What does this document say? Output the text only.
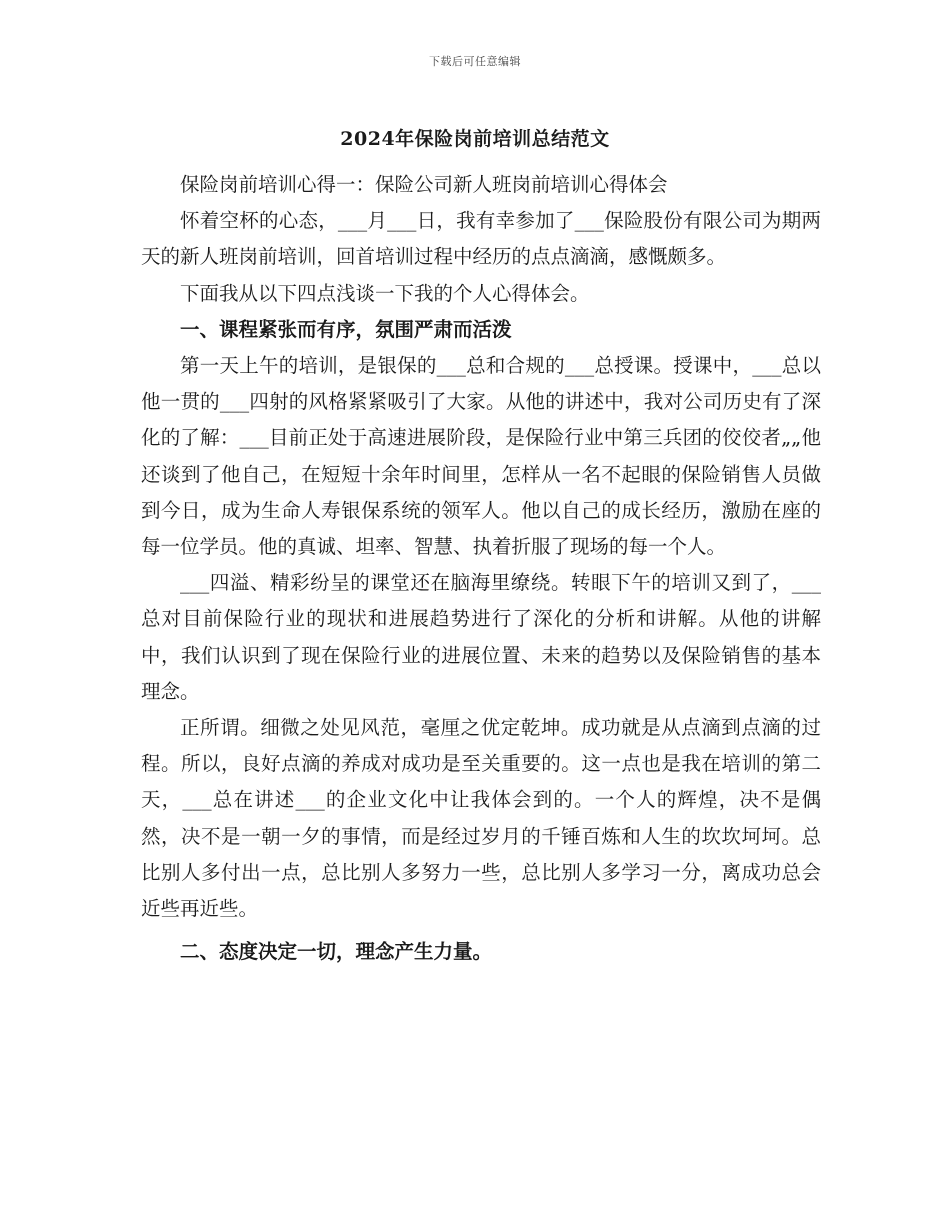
下载后可任意编辑
2024年保险岗前培训总结范文

保险岗前培训心得一：保险公司新人班岗前培训心得体会

怀着空杯的心态，___月___日，我有幸参加了___保险股份有限公司为期两天的新人班岗前培训，回首培训过程中经历的点点滴滴，感慨颇多。

下面我从以下四点浅谈一下我的个人心得体会。

一、课程紧张而有序，氛围严肃而活泼

第一天上午的培训，是银保的___总和合规的___总授课。授课中，___总以他一贯的___四射的风格紧紧吸引了大家。从他的讲述中，我对公司历史有了深化的了解：___目前正处于高速进展阶段，是保险行业中第三兵团的佼佼者„„他还谈到了他自己，在短短十余年时间里，怎样从一名不起眼的保险销售人员做到今日，成为生命人寿银保系统的领军人。他以自己的成长经历，激励在座的每一位学员。他的真诚、坦率、智慧、执着折服了现场的每一个人。

___四溢、精彩纷呈的课堂还在脑海里缭绕。转眼下午的培训又到了，___总对目前保险行业的现状和进展趋势进行了深化的分析和讲解。从他的讲解中，我们认识到了现在保险行业的进展位置、未来的趋势以及保险销售的基本理念。

正所谓。细微之处见风范，毫厘之优定乾坤。成功就是从点滴到点滴的过程。所以，良好点滴的养成对成功是至关重要的。这一点也是我在培训的第二天，___总在讲述___的企业文化中让我体会到的。一个人的辉煌，决不是偶然，决不是一朝一夕的事情，而是经过岁月的千锤百炼和人生的坎坎坷坷。总比别人多付出一点，总比别人多努力一些，总比别人多学习一分，离成功总会近些再近些。

二、态度决定一切，理念产生力量。
